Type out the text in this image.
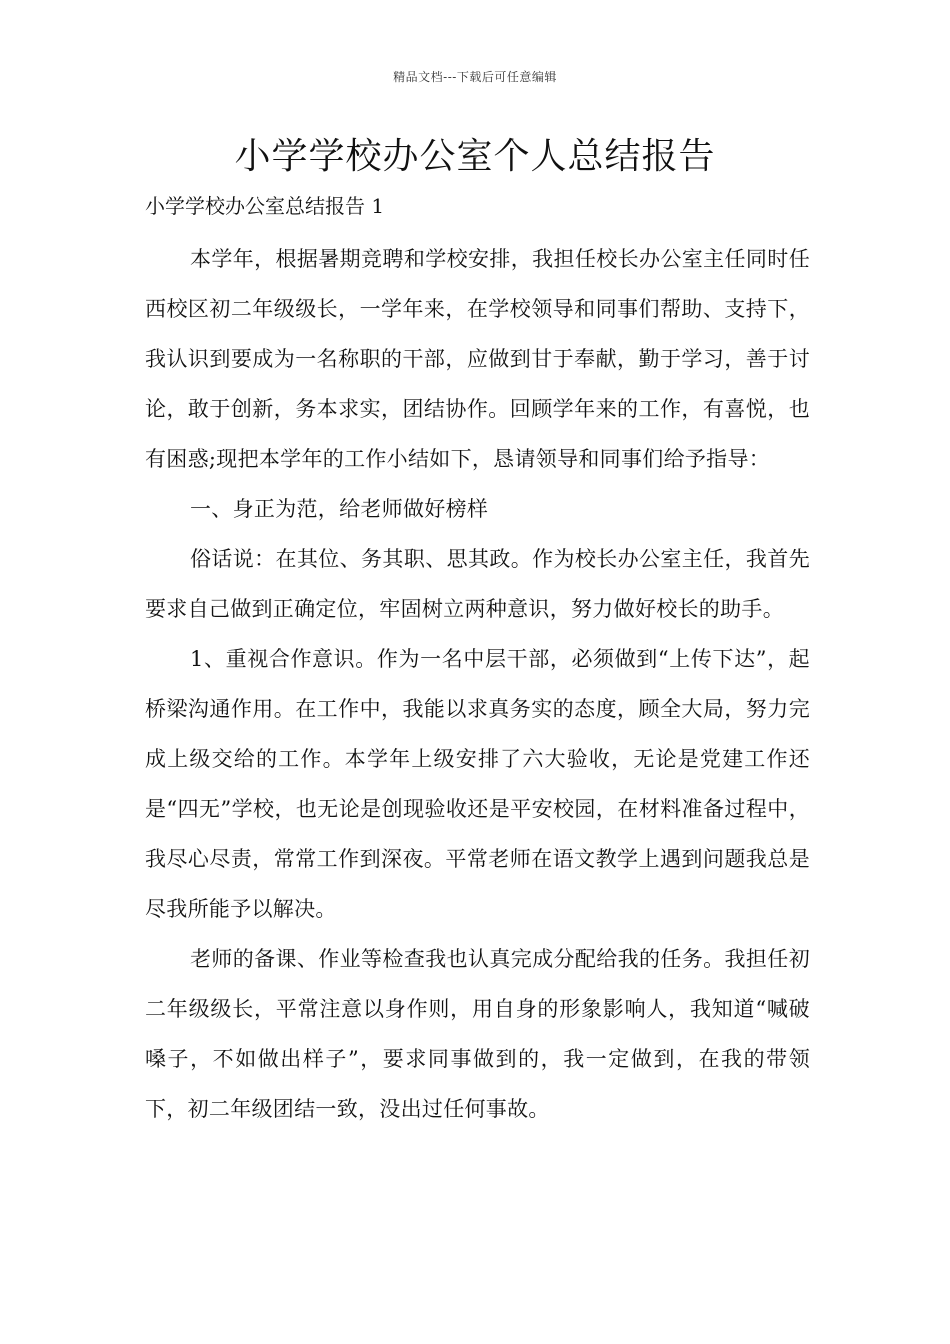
精品文档---下载后可任意编辑
小学学校办公室个人总结报告

小学学校办公室总结报告 1

本学年，根据暑期竞聘和学校安排，我担任校长办公室主任同时任西校区初二年级级长，一学年来，在学校领导和同事们帮助、支持下，我认识到要成为一名称职的干部，应做到甘于奉献，勤于学习，善于讨论，敢于创新，务本求实，团结协作。回顾学年来的工作，有喜悦，也有困惑;现把本学年的工作小结如下，恳请领导和同事们给予指导：

一、身正为范，给老师做好榜样

俗话说：在其位、务其职、思其政。作为校长办公室主任，我首先要求自己做到正确定位，牢固树立两种意识，努力做好校长的助手。

1、重视合作意识。作为一名中层干部，必须做到“上传下达”，起桥梁沟通作用。在工作中，我能以求真务实的态度，顾全大局，努力完成上级交给的工作。本学年上级安排了六大验收，无论是党建工作还是“四无”学校，也无论是创现验收还是平安校园，在材料准备过程中，我尽心尽责，常常工作到深夜。平常老师在语文教学上遇到问题我总是尽我所能予以解决。

老师的备课、作业等检查我也认真完成分配给我的任务。我担任初二年级级长，平常注意以身作则，用自身的形象影响人，我知道“喊破嗓子，不如做出样子”，要求同事做到的，我一定做到，在我的带领下，初二年级团结一致，没出过任何事故。
